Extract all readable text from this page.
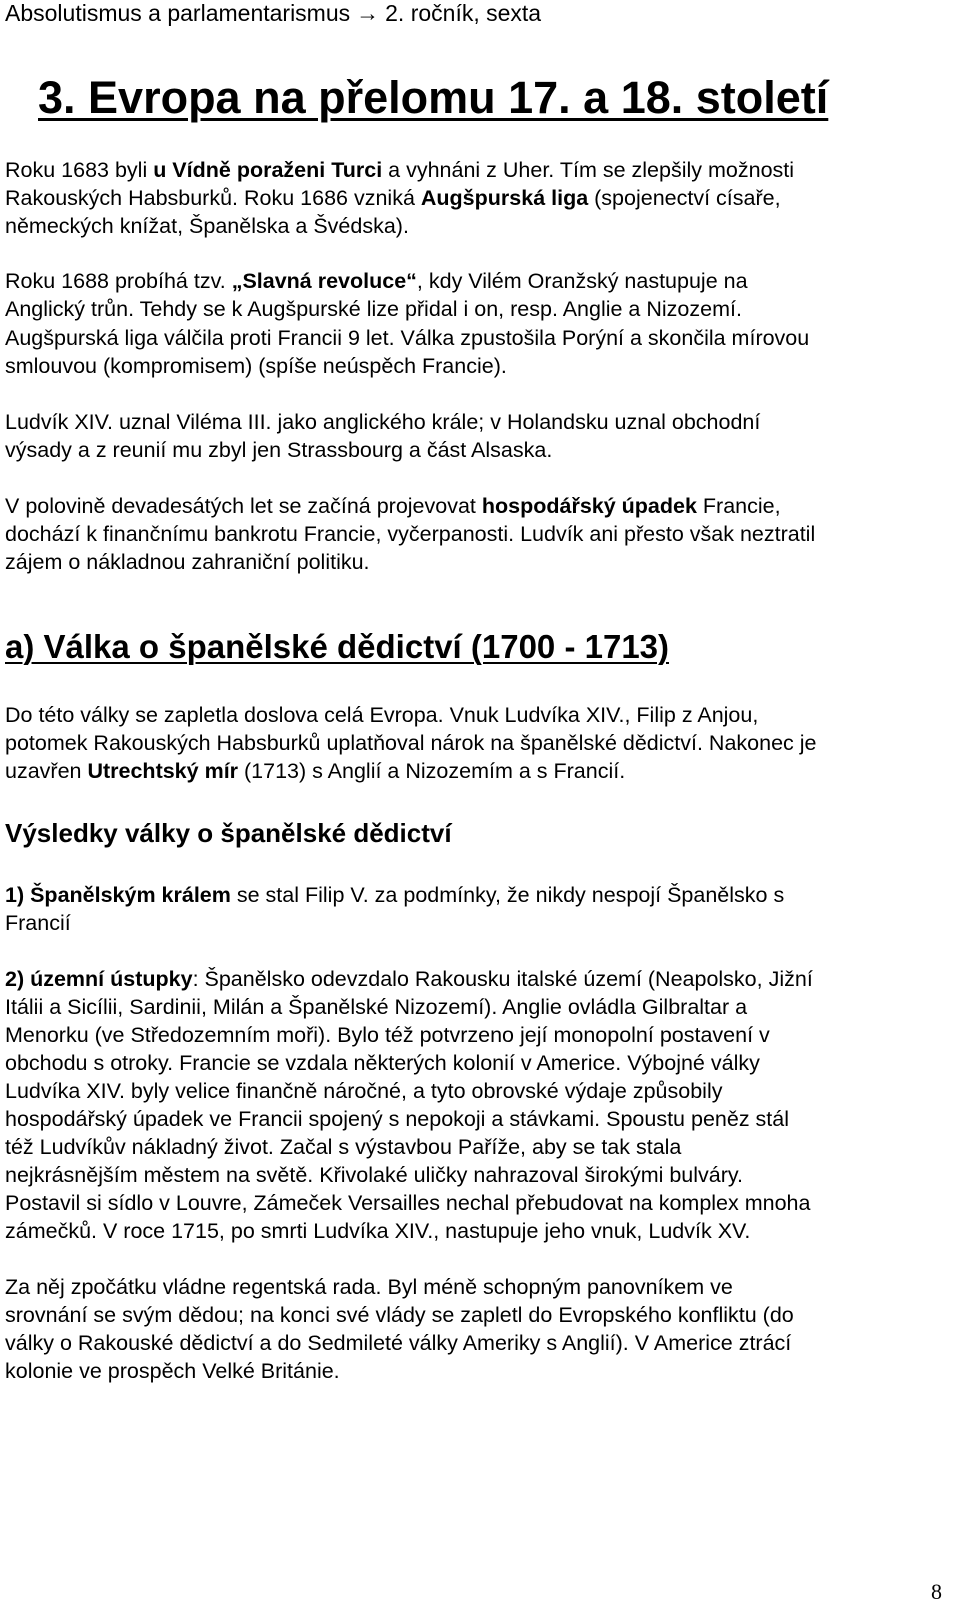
Absolutismus a parlamentarismus → 2. ročník, sexta
3. Evropa na přelomu 17. a 18. století
Roku 1683 byli u Vídně poraženi Turci a vyhnáni z Uher. Tím se zlepšily možnosti
Rakouských Habsburků. Roku 1686 vzniká Augšpurská liga (spojenectví císaře,
německých knížat, Španělska a Švédska).
Roku 1688 probíhá tzv. „Slavná revoluce“, kdy Vilém Oranžský nastupuje na
Anglický trůn. Tehdy se k Augšpurské lize přidal i on, resp. Anglie a Nizozemí.
Augšpurská liga válčila proti Francii 9 let. Válka zpustošila Porýní a skončila mírovou
smlouvou (kompromisem) (spíše neúspěch Francie).
Ludvík XIV. uznal Viléma III. jako anglického krále; v Holandsku uznal obchodní
výsady a z reunií mu zbyl jen Strassbourg a část Alsaska.
V polovině devadesátých let se začíná projevovat hospodářský úpadek Francie,
dochází k finančnímu bankrotu Francie, vyčerpanosti. Ludvík ani přesto však neztratil
zájem o nákladnou zahraniční politiku.
a) Válka o španělské dědictví (1700 - 1713)
Do této války se zapletla doslova celá Evropa. Vnuk Ludvíka XIV., Filip z Anjou,
potomek Rakouských Habsburků uplatňoval nárok na španělské dědictví. Nakonec je
uzavřen Utrechtský mír (1713) s Anglií a Nizozemím a s Francií.
Výsledky války o španělské dědictví
1) Španělským králem se stal Filip V. za podmínky, že nikdy nespojí Španělsko s
Francií
2) územní ústupky: Španělsko odevzdalo Rakousku italské území (Neapolsko, Jižní
Itálii a Sicílii, Sardinii, Milán a Španělské Nizozemí). Anglie ovládla Gilbraltar a
Menorku (ve Středozemním moři). Bylo též potvrzeno její monopolní postavení v
obchodu s otroky. Francie se vzdala některých kolonií v Americe. Výbojné války
Ludvíka XIV. byly velice finančně náročné, a tyto obrovské výdaje způsobily
hospodářský úpadek ve Francii spojený s nepokoji a stávkami. Spoustu peněz stál
též Ludvíkův nákladný život. Začal s výstavbou Paříže, aby se tak stala
nejkrásnějším městem na světě. Křivolaké uličky nahrazoval širokými bulváry.
Postavil si sídlo v Louvre, Zámeček Versailles nechal přebudovat na komplex mnoha
zámečků. V roce 1715, po smrti Ludvíka XIV., nastupuje jeho vnuk, Ludvík XV.
Za něj zpočátku vládne regentská rada. Byl méně schopným panovníkem ve
srovnání se svým dědou; na konci své vlády se zapletl do Evropského konfliktu (do
války o Rakouské dědictví a do Sedmileté války Ameriky s Anglií). V Americe ztrácí
kolonie ve prospěch Velké Británie.
8
